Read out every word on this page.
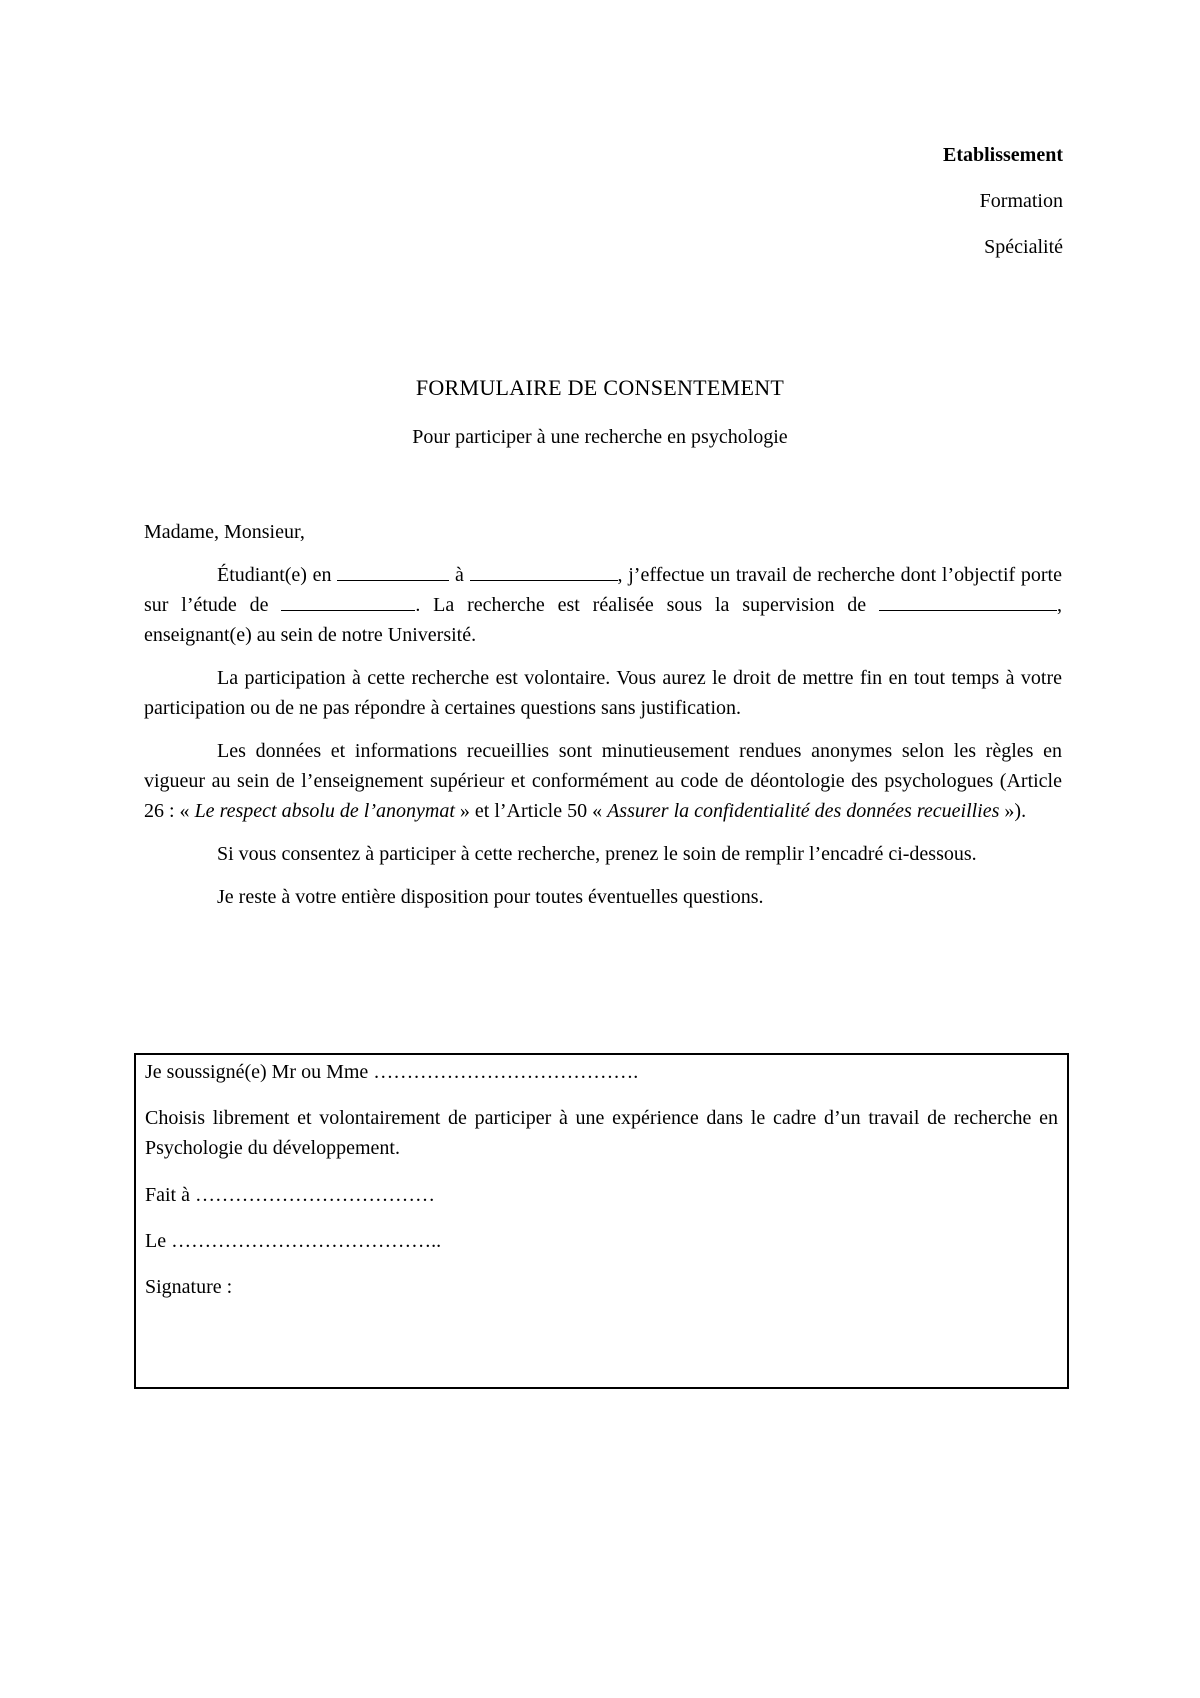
Etablissement
Formation
Spécialité
FORMULAIRE DE CONSENTEMENT
Pour participer à une recherche en psychologie

Madame, Monsieur,

Étudiant(e) en	à	, j’effectue un travail de recherche dont l’objectif porte sur l’étude de	. La recherche est réalisée sous la supervision de	, enseignant(e) au sein de notre Université.

La participation à cette recherche est volontaire. Vous aurez le droit de mettre fin en tout temps à votre participation ou de ne pas répondre à certaines questions sans justification.

Les données et informations recueillies sont minutieusement rendues anonymes selon les règles en vigueur au sein de l’enseignement supérieur et conformément au code de déontologie des psychologues (Article 26 : « Le respect absolu de l’anonymat » et l’Article 50 « Assurer la confidentialité des données recueillies »).

Si vous consentez à participer à cette recherche, prenez le soin de remplir l’encadré ci-dessous.

Je reste à votre entière disposition pour toutes éventuelles questions.

Je soussigné(e) Mr ou Mme ………………………………….

Choisis librement et volontairement de participer à une expérience dans le cadre d’un travail de recherche en Psychologie du développement.

Fait à ………………………………

Le …………………………………..

Signature :
